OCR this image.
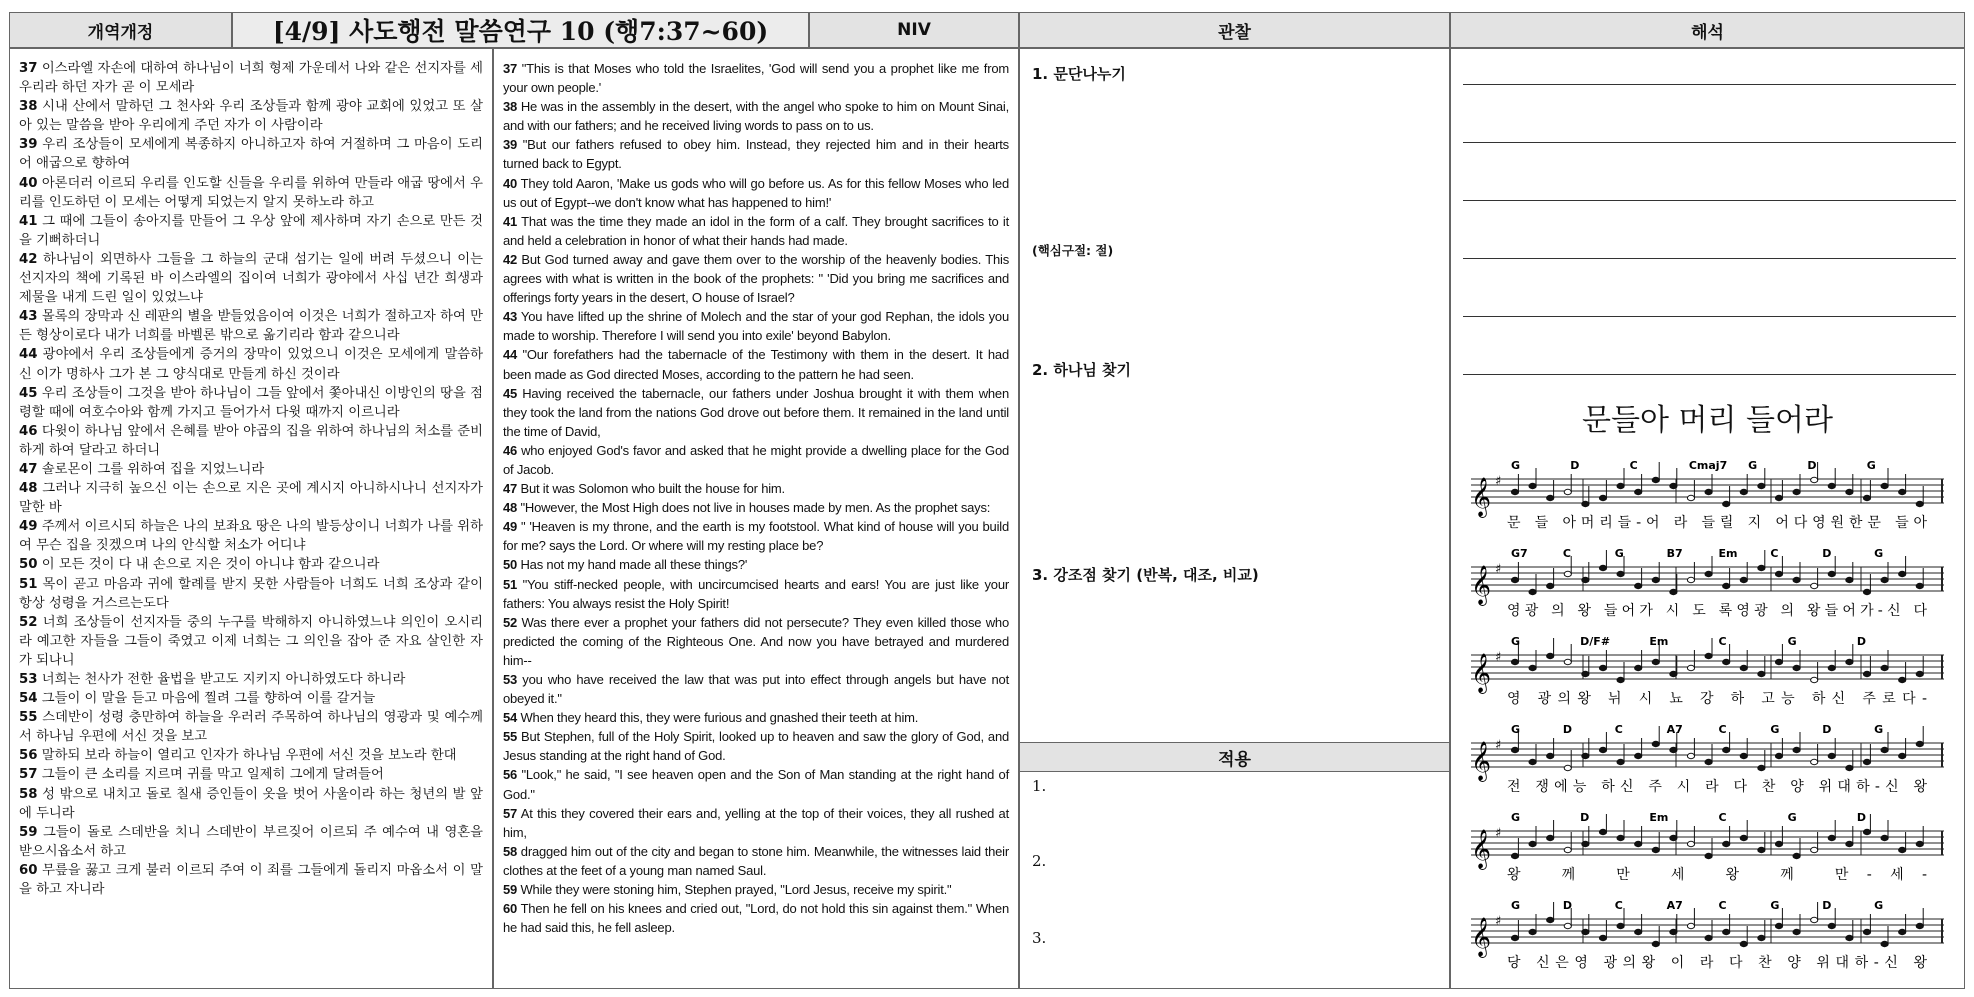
개역개정	[4/9] 사도행전 말씀연구 10 (행7:37~60)	NIV	관찰	해석

37 이스라엘 자손에 대하여 하나님이 너희 형제 가운데서 나와 같은 선지자를 세우리라 하던 자가 곧 이 모세라

38 시내 산에서 말하던 그 천사와 우리 조상들과 함께 광야 교회에 있었고 또 살아 있는 말씀을 받아 우리에게 주던 자가 이 사람이라

39 우리 조상들이 모세에게 복종하지 아니하고자 하여 거절하며 그 마음이 도리어 애굽으로 향하여

40 아론더러 이르되 우리를 인도할 신들을 우리를 위하여 만들라 애굽 땅에서 우리를 인도하던 이 모세는 어떻게 되었는지 알지 못하노라 하고

41 그 때에 그들이 송아지를 만들어 그 우상 앞에 제사하며 자기 손으로 만든 것을 기뻐하더니

42 하나님이 외면하사 그들을 그 하늘의 군대 섬기는 일에 버려 두셨으니 이는 선지자의 책에 기록된 바 이스라엘의 집이여 너희가 광야에서 사십 년간 희생과 제물을 내게 드린 일이 있었느냐

43 몰록의 장막과 신 레판의 별을 받들었음이여 이것은 너희가 절하고자 하여 만든 형상이로다 내가 너희를 바벨론 밖으로 옮기리라 함과 같으니라

44 광야에서 우리 조상들에게 증거의 장막이 있었으니 이것은 모세에게 말씀하신 이가 명하사 그가 본 그 양식대로 만들게 하신 것이라

45 우리 조상들이 그것을 받아 하나님이 그들 앞에서 쫓아내신 이방인의 땅을 점령할 때에 여호수아와 함께 가지고 들어가서 다윗 때까지 이르니라

46 다윗이 하나님 앞에서 은혜를 받아 야곱의 집을 위하여 하나님의 처소를 준비하게 하여 달라고 하더니

47 솔로몬이 그를 위하여 집을 지었느니라

48 그러나 지극히 높으신 이는 손으로 지은 곳에 계시지 아니하시나니 선지자가 말한 바

49 주께서 이르시되 하늘은 나의 보좌요 땅은 나의 발등상이니 너희가 나를 위하여 무슨 집을 짓겠으며 나의 안식할 처소가 어디냐

50 이 모든 것이 다 내 손으로 지은 것이 아니냐 함과 같으니라

51 목이 곧고 마음과 귀에 할례를 받지 못한 사람들아 너희도 너희 조상과 같이 항상 성령을 거스르는도다

52 너희 조상들이 선지자들 중의 누구를 박해하지 아니하였느냐 의인이 오시리라 예고한 자들을 그들이 죽였고 이제 너희는 그 의인을 잡아 준 자요 살인한 자가 되나니

53 너희는 천사가 전한 율법을 받고도 지키지 아니하였도다 하니라

54 그들이 이 말을 듣고 마음에 찔려 그를 향하여 이를 갈거늘

55 스데반이 성령 충만하여 하늘을 우러러 주목하여 하나님의 영광과 및 예수께서 하나님 우편에 서신 것을 보고

56 말하되 보라 하늘이 열리고 인자가 하나님 우편에 서신 것을 보노라 한대

57 그들이 큰 소리를 지르며 귀를 막고 일제히 그에게 달려들어

58 성 밖으로 내치고 돌로 칠새 증인들이 옷을 벗어 사울이라 하는 청년의 발 앞에 두니라

59 그들이 돌로 스데반을 치니 스데반이 부르짖어 이르되 주 예수여 내 영혼을 받으시옵소서 하고

60 무릎을 꿇고 크게 불러 이르되 주여 이 죄를 그들에게 돌리지 마옵소서 이 말을 하고 자니라

37 "This is that Moses who told the Israelites, 'God will send you a prophet like me from your own people.'

38 He was in the assembly in the desert, with the angel who spoke to him on Mount Sinai, and with our fathers; and he received living words to pass on to us.

39 "But our fathers refused to obey him. Instead, they rejected him and in their hearts turned back to Egypt.

40 They told Aaron, 'Make us gods who will go before us. As for this fellow Moses who led us out of Egypt--we don't know what has happened to him!'

41 That was the time they made an idol in the form of a calf. They brought sacrifices to it and held a celebration in honor of what their hands had made.

42 But God turned away and gave them over to the worship of the heavenly bodies. This agrees with what is written in the book of the prophets: " 'Did you bring me sacrifices and offerings forty years in the desert, O house of Israel?

43 You have lifted up the shrine of Molech and the star of your god Rephan, the idols you made to worship. Therefore I will send you into exile' beyond Babylon.

44 "Our forefathers had the tabernacle of the Testimony with them in the desert. It had been made as God directed Moses, according to the pattern he had seen.

45 Having received the tabernacle, our fathers under Joshua brought it with them when they took the land from the nations God drove out before them. It remained in the land until the time of David,

46 who enjoyed God's favor and asked that he might provide a dwelling place for the God of Jacob.

47 But it was Solomon who built the house for him.

48 "However, the Most High does not live in houses made by men. As the prophet says:

49 " 'Heaven is my throne, and the earth is my footstool. What kind of house will you build for me? says the Lord. Or where will my resting place be?

50 Has not my hand made all these things?'

51 "You stiff-necked people, with uncircumcised hearts and ears! You are just like your fathers: You always resist the Holy Spirit!

52 Was there ever a prophet your fathers did not persecute? They even killed those who predicted the coming of the Righteous One. And now you have betrayed and murdered him--

53 you who have received the law that was put into effect through angels but have not obeyed it."

54 When they heard this, they were furious and gnashed their teeth at him.

55 But Stephen, full of the Holy Spirit, looked up to heaven and saw the glory of God, and Jesus standing at the right hand of God.

56 "Look," he said, "I see heaven open and the Son of Man standing at the right hand of God."

57 At this they covered their ears and, yelling at the top of their voices, they all rushed at him,

58 dragged him out of the city and began to stone him. Meanwhile, the witnesses laid their clothes at the feet of a young man named Saul.

59 While they were stoning him, Stephen prayed, "Lord Jesus, receive my spirit."

60 Then he fell on his knees and cried out, "Lord, do not hold this sin against them." When he had said this, he fell asleep.

1. 문단나누기
(핵심구절: 절)
2. 하나님 찾기
3. 강조점 찾기 (반복, 대조, 비교)
적용
1.
2.
3.
문들아 머리 들어라
𝄞 ♯
G	D	C	Cmaj7 G	D	G
문 들 아머리들-어 라 들릴 지 어다영원한문 들아
𝄞 ♯
G7	C	G	B7	Em	C	D	G
영광 의 왕 들어가 시 도 록영광 의 왕들어가-신 다
𝄞 ♯
G	D/F#	Em	C	G	D
영 광의왕 뉘 시 뇨 강 하 고능 하신 주로다-
𝄞 ♯
G	D	C	A7	C	G	D	G
전 쟁에능 하신 주 시 라 다 찬 양 위대하-신 왕
𝄞 ♯
G	D	Em	C	G	D
왕 께 만 세 왕 께 만-세-
𝄞 ♯
G	D	C	A7	C	G	D	G
당 신은영 광의왕 이 라 다 찬 양 위대하-신 왕
